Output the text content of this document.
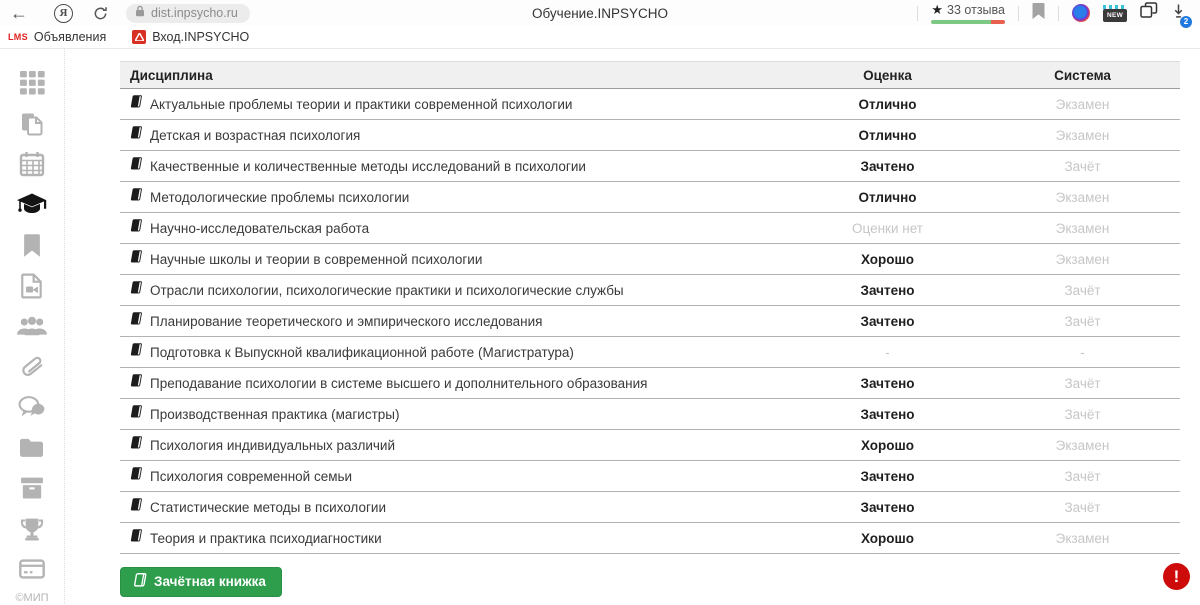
←	Я	dist.inpsycho.ru	Обучение.INPSYCHO	★ 33 отзыва	NEW
2
LMS Объявления	Вход.INPSYCHO
©МИП
Дисциплина	Оценка	Система
Актуальные проблемы теории и практики современной психологии	Отлично	Экзамен
Детская и возрастная психология	Отлично	Экзамен
Качественные и количественные методы исследований в психологии	Зачтено	Зачёт
Методологические проблемы психологии	Отлично	Экзамен
Научно-исследовательская работа	Оценки нет	Экзамен
Научные школы и теории в современной психологии	Хорошо	Экзамен
Отрасли психологии, психологические практики и психологические службы	Зачтено	Зачёт
Планирование теоретического и эмпирического исследования	Зачтено	Зачёт
Подготовка к Выпускной квалификационной работе (Магистратура)	-	-
Преподавание психологии в системе высшего и дополнительного образования	Зачтено	Зачёт
Производственная практика (магистры)	Зачтено	Зачёт
Психология индивидуальных различий	Хорошо	Экзамен
Психология современной семьи	Зачтено	Зачёт
Статистические методы в психологии	Зачтено	Зачёт
Теория и практика психодиагностики	Хорошо	Экзамен
Зачётная книжка	!
